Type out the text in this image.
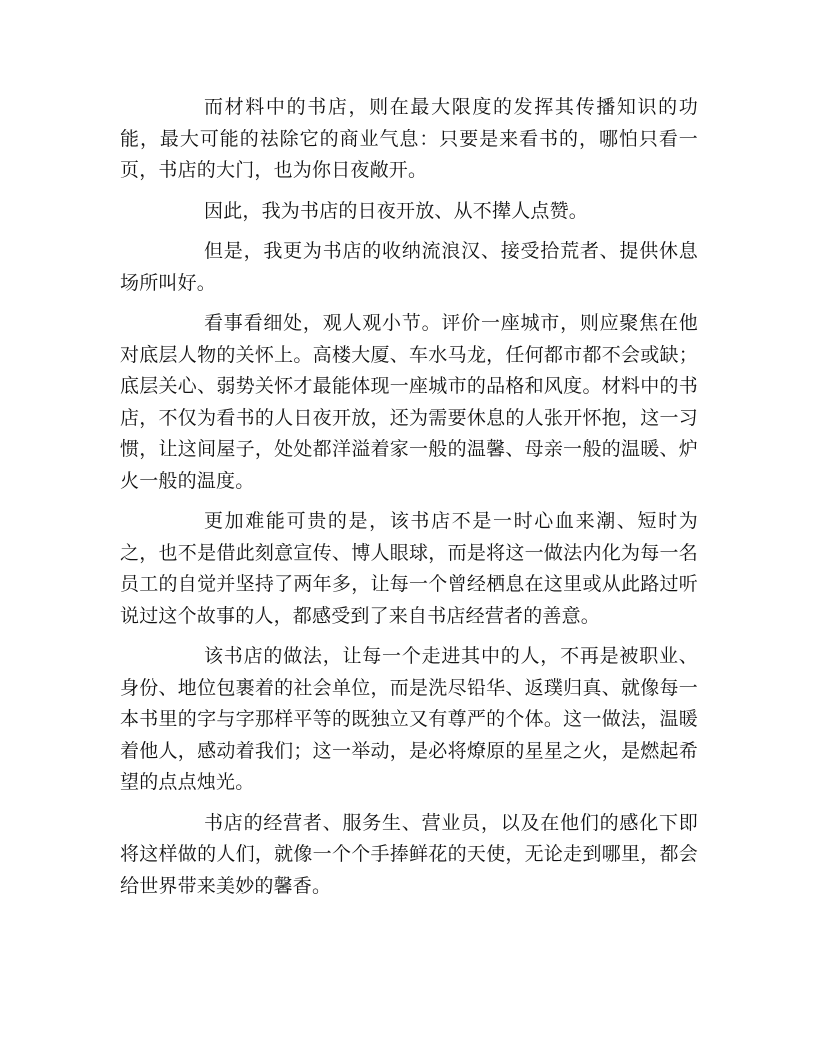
而材料中的书店，则在最大限度的发挥其传播知识的功能，最大可能的祛除它的商业气息：只要是来看书的，哪怕只看一页，书店的大门，也为你日夜敞开。

因此，我为书店的日夜开放、从不撵人点赞。

但是，我更为书店的收纳流浪汉、接受拾荒者、提供休息场所叫好。

看事看细处，观人观小节。评价一座城市，则应聚焦在他对底层人物的关怀上。高楼大厦、车水马龙，任何都市都不会或缺；底层关心、弱势关怀才最能体现一座城市的品格和风度。材料中的书店，不仅为看书的人日夜开放，还为需要休息的人张开怀抱，这一习惯，让这间屋子，处处都洋溢着家一般的温馨、母亲一般的温暖、炉火一般的温度。

更加难能可贵的是，该书店不是一时心血来潮、短时为之，也不是借此刻意宣传、博人眼球，而是将这一做法内化为每一名员工的自觉并坚持了两年多，让每一个曾经栖息在这里或从此路过听说过这个故事的人，都感受到了来自书店经营者的善意。

该书店的做法，让每一个走进其中的人，不再是被职业、身份、地位包裹着的社会单位，而是洗尽铅华、返璞归真、就像每一本书里的字与字那样平等的既独立又有尊严的个体。这一做法，温暖着他人，感动着我们；这一举动，是必将燎原的星星之火，是燃起希望的点点烛光。

书店的经营者、服务生、营业员，以及在他们的感化下即将这样做的人们，就像一个个手捧鲜花的天使，无论走到哪里，都会给世界带来美妙的馨香。
